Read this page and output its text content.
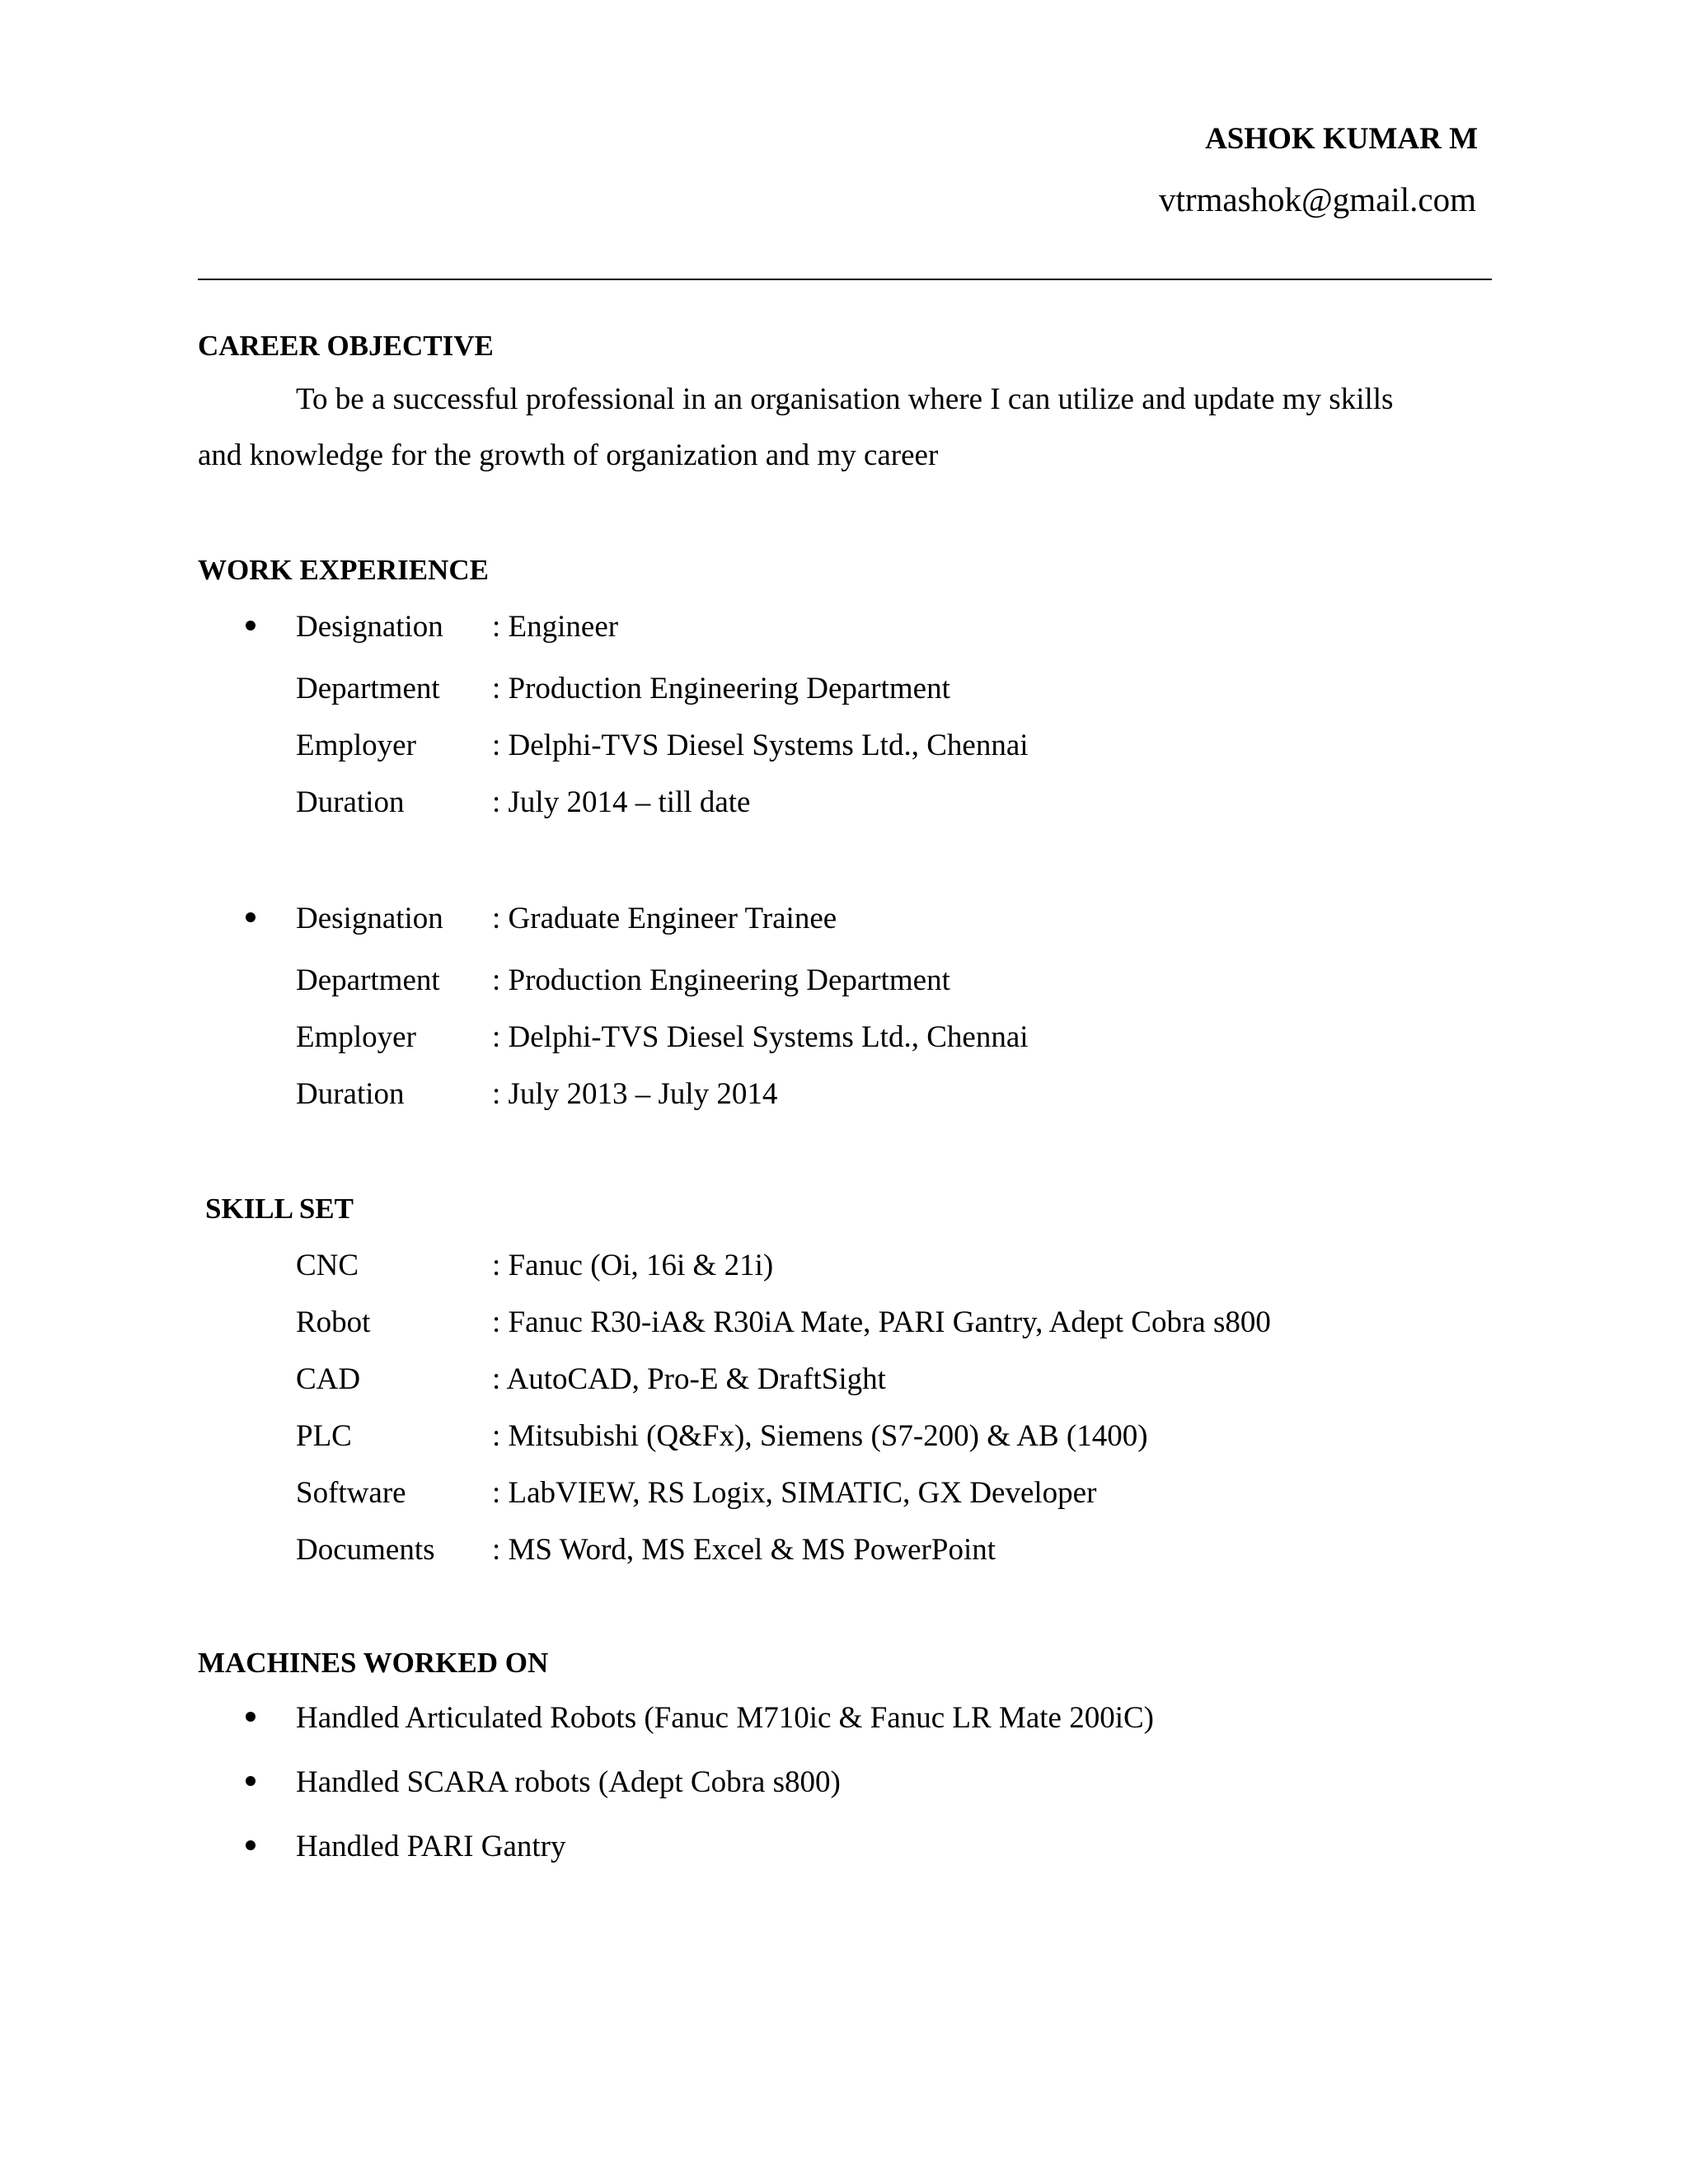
ASHOK KUMAR M
vtrmashok@gmail.com
CAREER OBJECTIVE
To be a successful professional in an organisation where I can utilize and update my skills
and knowledge for the growth of organization and my career
WORK EXPERIENCE
Designation : Engineer
Department : Production Engineering Department
Employer : Delphi-TVS Diesel Systems Ltd., Chennai
Duration	: July 2014 – till date
Designation : Graduate Engineer Trainee
Department : Production Engineering Department
Employer : Delphi-TVS Diesel Systems Ltd., Chennai
Duration	: July 2013 – July 2014
SKILL SET
CNC	: Fanuc (Oi, 16i & 21i)
Robot	: Fanuc R30-iA& R30iA Mate, PARI Gantry, Adept Cobra s800
CAD	: AutoCAD, Pro-E & DraftSight
PLC	: Mitsubishi (Q&Fx), Siemens (S7-200) & AB (1400)
Software	: LabVIEW, RS Logix, SIMATIC, GX Developer
Documents : MS Word, MS Excel & MS PowerPoint
MACHINES WORKED ON
Handled Articulated Robots (Fanuc M710ic & Fanuc LR Mate 200iC)
Handled SCARA robots (Adept Cobra s800)
Handled PARI Gantry
